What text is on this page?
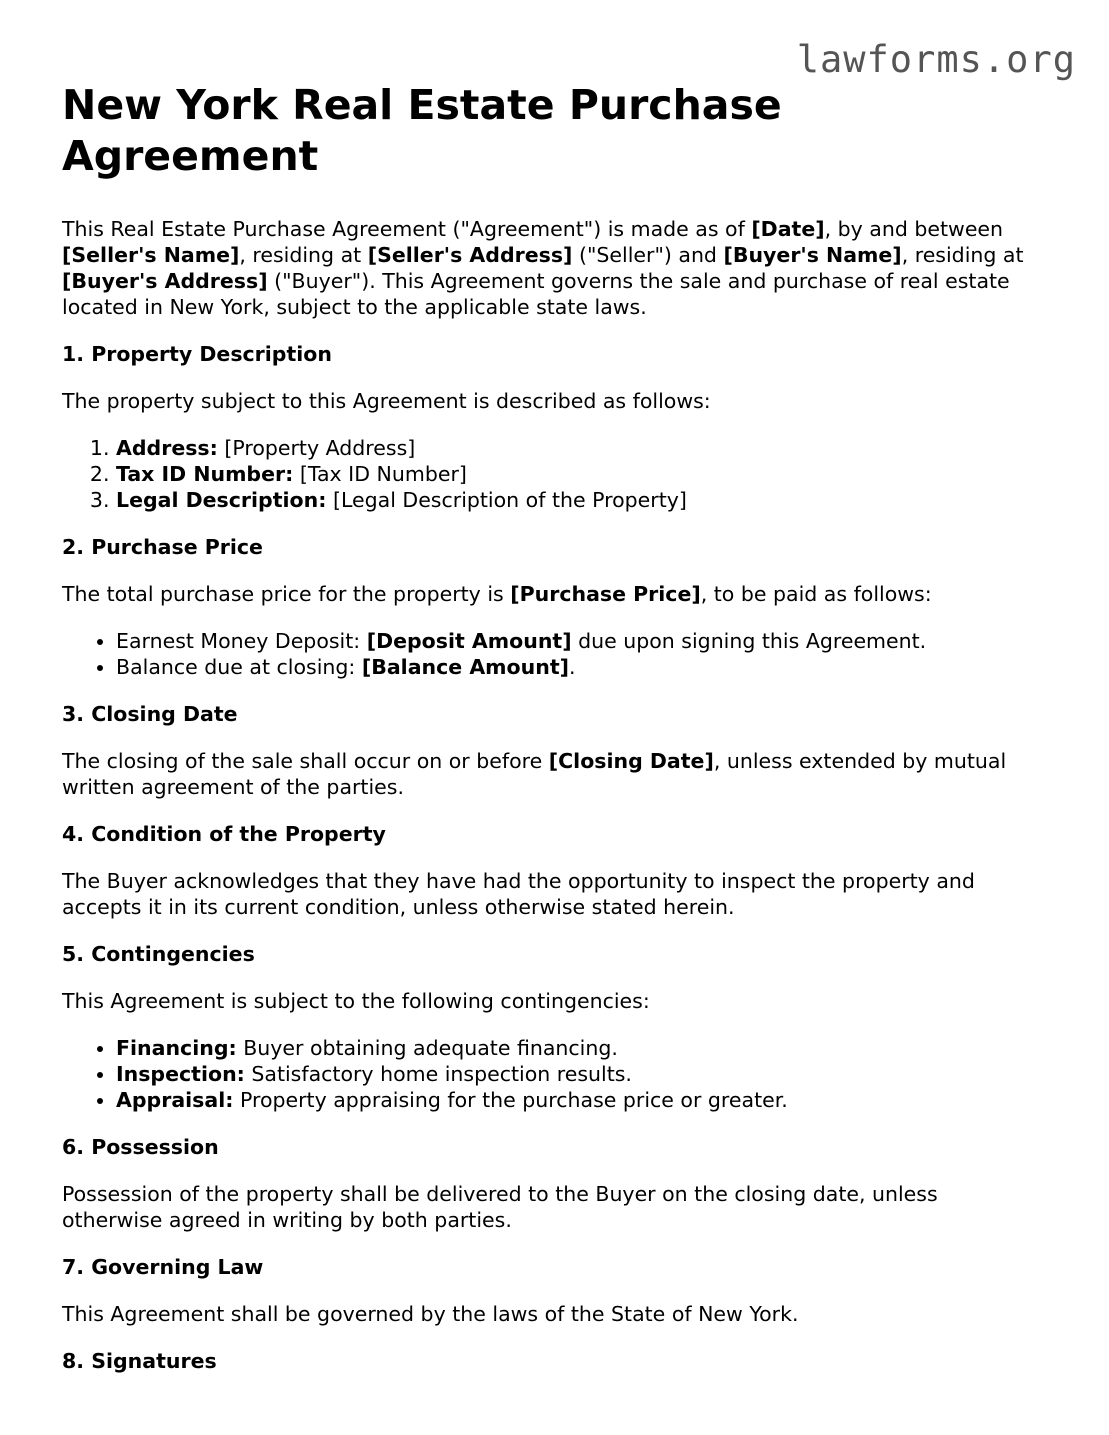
lawforms.org
New York Real Estate Purchase Agreement

This Real Estate Purchase Agreement ("Agreement") is made as of [Date], by and between [Seller's Name], residing at [Seller's Address] ("Seller") and [Buyer's Name], residing at [Buyer's Address] ("Buyer"). This Agreement governs the sale and purchase of real estate located in New York, subject to the applicable state laws.

1. Property Description

The property subject to this Agreement is described as follows:

1. Address: [Property Address]
2. Tax ID Number: [Tax ID Number]
3. Legal Description: [Legal Description of the Property]
2. Purchase Price

The total purchase price for the property is [Purchase Price], to be paid as follows:

• Earnest Money Deposit: [Deposit Amount] due upon signing this Agreement.
• Balance due at closing: [Balance Amount].
3. Closing Date

The closing of the sale shall occur on or before [Closing Date], unless extended by mutual written agreement of the parties.

4. Condition of the Property

The Buyer acknowledges that they have had the opportunity to inspect the property and accepts it in its current condition, unless otherwise stated herein.

5. Contingencies

This Agreement is subject to the following contingencies:

• Financing: Buyer obtaining adequate financing.
• Inspection: Satisfactory home inspection results.
• Appraisal: Property appraising for the purchase price or greater.
6. Possession

Possession of the property shall be delivered to the Buyer on the closing date, unless otherwise agreed in writing by both parties.

7. Governing Law

This Agreement shall be governed by the laws of the State of New York.

8. Signatures
